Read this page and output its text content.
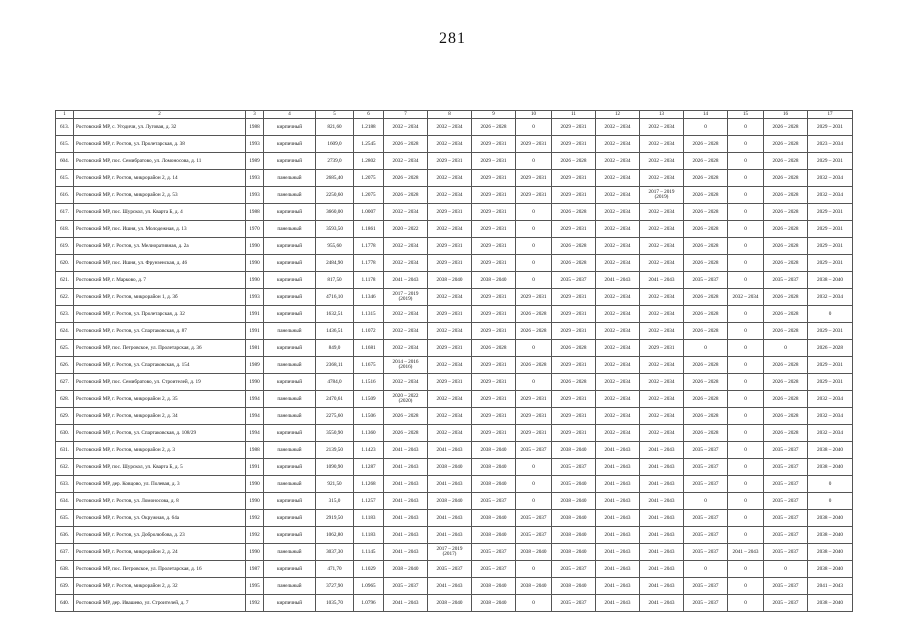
281
1	2	3	4	5	6	7	8	9	10	11	12	13	14	15	16	17
613.	Ростовский МР, с. Угодичи, ул. Луговая, д. 32	1988	кирпичный	821,60	1.2188	2032 – 2034	2032 – 2034	2026 – 2028	0	2029 – 2031	2032 – 2034	2032 – 2034	0	0	2026 – 2028	2029 – 2031
615.	Ростовский МР, г. Ростов, ул. Пролетарская, д. 38	1993	кирпичный	1609,0	1.2545	2026 – 2028	2032 – 2034	2029 – 2031	2029 – 2031	2029 – 2031	2032 – 2034	2032 – 2034	2026 – 2028	0	2026 – 2028	2023 – 2034
604.	Ростовский МР, пос. Семибратово, ул. Ломоносова, д. 11	1989	кирпичный	2739,0	1.2802	2032 – 2034	2029 – 2031	2029 – 2031	0	2026 – 2028	2032 – 2034	2032 – 2034	2026 – 2028	0	2026 – 2028	2029 – 2031
615.	Ростовский МР, г. Ростов, микрорайон 2, д. 14	1993	панельный	2685,40	1.2075	2026 – 2028	2032 – 2034	2029 – 2031	2029 – 2031	2029 – 2031	2032 – 2034	2032 – 2034	2026 – 2028	0	2026 – 2028	2032 – 2034
616.	Ростовский МР, г. Ростов, микрорайон 2, д. 53	1993	панельный	2250,60	1.2075	2026 – 2028	2032 – 2034	2029 – 2031	2029 – 2031	2029 – 2031	2032 – 2034	2017 – 2019 (2019)	2026 – 2028	0	2026 – 2028	2032 – 2034
617.	Ростовский МР, пос. Шурскол, ул. Кварта Б, д. 4	1988	кирпичный	3660,00	1.0007	2032 – 2034	2029 – 2031	2029 – 2031	0	2026 – 2028	2032 – 2034	2032 – 2034	2026 – 2028	0	2026 – 2028	2029 – 2031
618.	Ростовский МР, пос. Ишня, ул. Молодежная, д. 13	1970	панельный	3593,50	1.1861	2020 – 2022	2032 – 2034	2029 – 2031	0	2029 – 2031	2032 – 2034	2032 – 2034	2026 – 2028	0	2026 – 2028	2029 – 2031
619.	Ростовский МР, г. Ростов, ул. Мелиоративная, д. 2а	1990	кирпичный	955,60	1.1778	2032 – 2034	2029 – 2031	2029 – 2031	0	2026 – 2028	2032 – 2034	2032 – 2034	2026 – 2028	0	2026 – 2028	2029 – 2031
620.	Ростовский МР, пос. Ишня, ул. Фрунзенская, д. 46	1990	кирпичный	2484,90	1.1778	2032 – 2034	2029 – 2031	2029 – 2031	0	2026 – 2028	2032 – 2034	2032 – 2034	2026 – 2028	0	2026 – 2028	2029 – 2031
621.	Ростовский МР, г. Марково, д. 7	1990	кирпичный	817,50	1.1178	2041 – 2043	2038 – 2040	2038 – 2040	0	2035 – 2037	2041 – 2043	2041 – 2043	2035 – 2037	0	2035 – 2037	2038 – 2040
622.	Ростовский МР, г. Ростов, микрорайон 1, д. 3б	1993	кирпичный	4716,10	1.1346	2017 – 2019 (2019)	2032 – 2034	2029 – 2031	2029 – 2031	2029 – 2031	2032 – 2034	2032 – 2034	2026 – 2028	2032 – 2034	2026 – 2028	2032 – 2034
623.	Ростовский МР, г. Ростов, ул. Пролетарская, д. 32	1991	кирпичный	1632,51	1.1315	2032 – 2034	2029 – 2031	2029 – 2031	2026 – 2028	2029 – 2031	2032 – 2034	2032 – 2034	2026 – 2028	0	2026 – 2028	0
624.	Ростовский МР, г. Ростов, ул. Спартаковская, д. 87	1991	панельный	1436,51	1.1072	2032 – 2034	2032 – 2034	2029 – 2031	2026 – 2028	2029 – 2031	2032 – 2034	2032 – 2034	2026 – 2028	0	2026 – 2028	2029 – 2031
625.	Ростовский МР, пос. Петровское, ул. Пролетарская, д. 36	1981	кирпичный	849,0	1.1681	2032 – 2034	2029 – 2031	2026 – 2028	0	2026 – 2028	2032 – 2034	2029 – 2031	0	0	0	2026 – 2028
626.	Ростовский МР, г. Ростов, ул. Спартаковская, д. 154	1989	панельный	2368,11	1.1675	2014 – 2016 (2016)	2032 – 2034	2029 – 2031	2026 – 2028	2029 – 2031	2032 – 2034	2032 – 2034	2026 – 2028	0	2026 – 2028	2029 – 2031
627.	Ростовский МР, пос. Семибратово, ул. Строителей, д. 19	1990	кирпичный	4784,0	1.1516	2032 – 2034	2029 – 2031	2029 – 2031	0	2026 – 2028	2032 – 2034	2032 – 2034	2026 – 2028	0	2026 – 2028	2029 – 2031
628.	Ростовский МР, г. Ростов, микрорайон 2, д. 35	1994	панельный	2470,61	1.1509	2020 – 2022 (2020)	2032 – 2034	2029 – 2031	2029 – 2031	2029 – 2031	2032 – 2034	2032 – 2034	2026 – 2028	0	2026 – 2028	2032 – 2034
629.	Ростовский МР, г. Ростов, микрорайон 2, д. 34	1994	панельный	2275,60	1.1506	2026 – 2028	2032 – 2034	2029 – 2031	2029 – 2031	2029 – 2031	2032 – 2034	2032 – 2034	2026 – 2028	0	2026 – 2028	2032 – 2034
630.	Ростовский МР, г. Ростов, ул. Спартаковская, д. 108/29	1994	кирпичный	3550,90	1.1360	2026 – 2028	2032 – 2034	2029 – 2031	2029 – 2031	2029 – 2031	2032 – 2034	2032 – 2034	2026 – 2028	0	2026 – 2028	2032 – 2034
631.	Ростовский МР, г. Ростов, микрорайон 2, д. 3	1988	панельный	2139,50	1.1423	2041 – 2043	2041 – 2043	2038 – 2040	2035 – 2037	2038 – 2040	2041 – 2043	2041 – 2043	2035 – 2037	0	2035 – 2037	2038 – 2040
632.	Ростовский МР, пос. Шурскол, ул. Кварта Б, д. 5	1991	кирпичный	1090,90	1.1287	2041 – 2043	2038 – 2040	2038 – 2040	0	2035 – 2037	2041 – 2043	2041 – 2043	2035 – 2037	0	2035 – 2037	2038 – 2040
633.	Ростовский МР, дер. Ковцово, ул. Полевая, д. 3	1990	панельный	921,50	1.1268	2041 – 2043	2041 – 2043	2038 – 2040	0	2035 – 2040	2041 – 2043	2041 – 2043	2035 – 2037	0	2035 – 2037	0
634.	Ростовский МР, г. Ростов, ул. Ломоносова, д. 8	1990	кирпичный	315,0	1.1257	2041 – 2043	2038 – 2040	2035 – 2037	0	2038 – 2040	2041 – 2043	2041 – 2043	0	0	2035 – 2037	0
635.	Ростовский МР, г. Ростов, ул. Окружная, д. 64а	1992	кирпичный	2919,50	1.1183	2041 – 2043	2041 – 2043	2038 – 2040	2035 – 2037	2038 – 2040	2041 – 2043	2041 – 2043	2035 – 2037	0	2035 – 2037	2038 – 2040
636.	Ростовский МР, г. Ростов, ул. Добролюбова, д. 23	1992	кирпичный	1062,80	1.1183	2041 – 2043	2041 – 2043	2038 – 2040	2035 – 2037	2038 – 2040	2041 – 2043	2041 – 2043	2035 – 2037	0	2035 – 2037	2038 – 2040
637.	Ростовский МР, г. Ростов, микрорайон 2, д. 24	1990	панельный	3037,30	1.1145	2041 – 2043	2017 – 2019 (2017)	2035 – 2037	2038 – 2040	2038 – 2040	2041 – 2043	2041 – 2043	2035 – 2037	2041 – 2043	2035 – 2037	2038 – 2040
638.	Ростовский МР, пос. Петровское, ул. Пролетарская, д. 16	1987	кирпичный	471,70	1.1029	2038 – 2040	2035 – 2037	2035 – 2037	0	2035 – 2037	2041 – 2043	2041 – 2043	0	0	0	2038 – 2040
639.	Ростовский МР, г. Ростов, микрорайон 2, д. 32	1995	панельный	3727,90	1.0965	2035 – 2037	2041 – 2043	2038 – 2040	2038 – 2040	2038 – 2040	2041 – 2043	2041 – 2043	2035 – 2037	0	2035 – 2037	2041 – 2043
640.	Ростовский МР, дер. Ивашево, ул. Строителей, д. 7	1992	кирпичный	1035,70	1.0796	2041 – 2043	2038 – 2040	2038 – 2040	0	2035 – 2037	2041 – 2043	2041 – 2043	2035 – 2037	0	2035 – 2037	2038 – 2040
